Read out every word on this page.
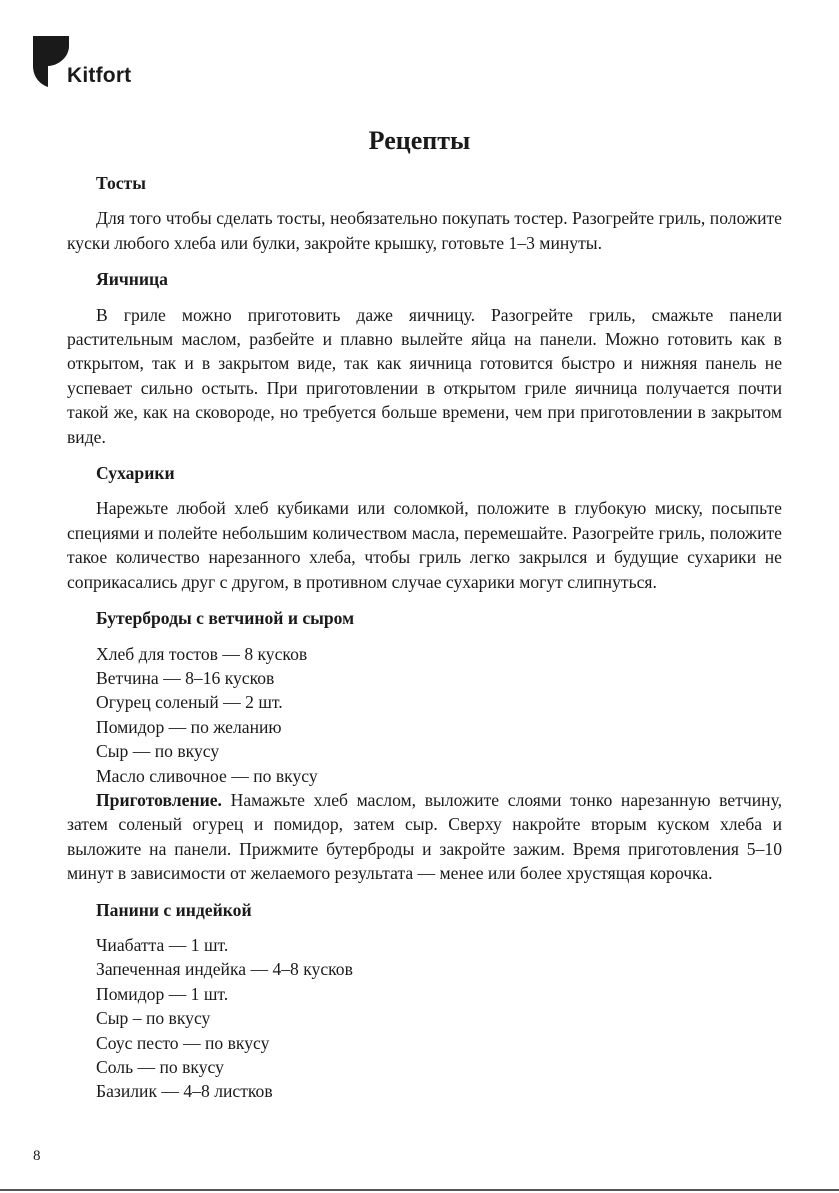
Kitfort
Рецепты

Тосты

Для того чтобы сделать тосты, необязательно покупать тостер. Разогрейте гриль, положите куски любого хлеба или булки, закройте крышку, готовьте 1–3 минуты.

Яичница

В гриле можно приготовить даже яичницу. Разогрейте гриль, смажьте панели растительным маслом, разбейте и плавно вылейте яйца на панели. Можно готовить как в открытом, так и в закрытом виде, так как яичница готовится быстро и нижняя панель не успевает сильно остыть. При приготовлении в открытом гриле яичница получается почти такой же, как на сковороде, но требуется больше времени, чем при приготовлении в закрытом виде.

Сухарики

Нарежьте любой хлеб кубиками или соломкой, положите в глубокую миску, посыпьте специями и полейте небольшим количеством масла, перемешайте. Разогрейте гриль, положите такое количество нарезанного хлеба, чтобы гриль легко закрылся и будущие сухарики не соприкасались друг с другом, в противном случае сухарики могут слипнуться.

Бутерброды с ветчиной и сыром

Хлеб для тостов — 8 кусков
Ветчина — 8–16 кусков
Огурец соленый — 2 шт.
Помидор — по желанию
Сыр — по вкусу
Масло сливочное — по вкусу

Приготовление. Намажьте хлеб маслом, выложите слоями тонко нарезанную ветчину, затем соленый огурец и помидор, затем сыр. Сверху накройте вторым куском хлеба и выложите на панели. Прижмите бутерброды и закройте зажим. Время приготовления 5–10 минут в зависимости от желаемого результата — менее или более хрустящая корочка.

Панини с индейкой

Чиабатта — 1 шт.
Запеченная индейка — 4–8 кусков
Помидор — 1 шт.
Сыр – по вкусу
Соус песто — по вкусу
Соль — по вкусу
Базилик — 4–8 листков
8
